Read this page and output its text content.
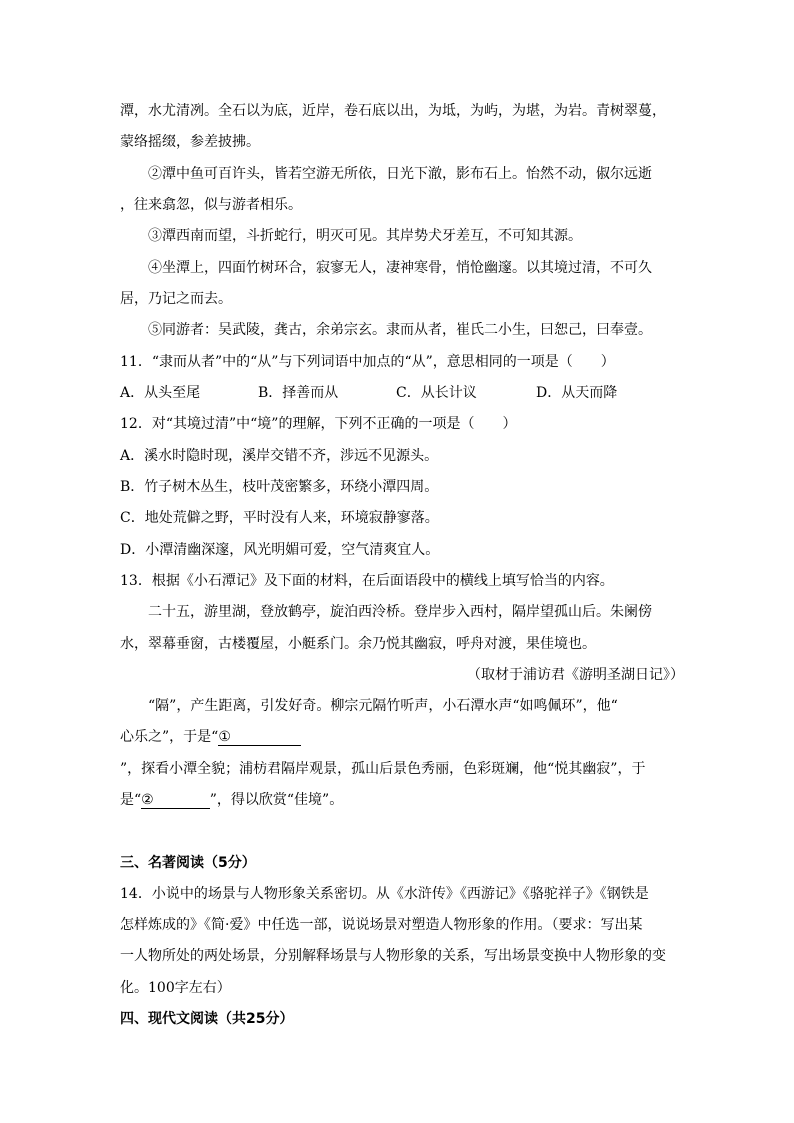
潭，水尤清冽。全石以为底，近岸，卷石底以出，为坻，为屿，为堪，为岩。青树翠蔓，
蒙络摇缀，参差披拂。
②潭中鱼可百许头，皆若空游无所依，日光下澈，影布石上。怡然不动，俶尔远逝
，往来翕忽，似与游者相乐。
③潭西南而望，斗折蛇行，明灭可见。其岸势犬牙差互，不可知其源。
④坐潭上，四面竹树环合，寂寥无人，凄神寒骨，悄怆幽邃。以其境过清，不可久
居，乃记之而去。
⑤同游者：吴武陵，龚古，余弟宗玄。隶而从者，崔氏二小生，曰恕己，曰奉壹。
11．“隶而从者”中的“从”与下列词语中加点的“从”，意思相同的一项是（　　）
A．从头至尾	B．择善而从	C．从长计议	D．从天而降
12．对“其境过清”中“境”的理解，下列不正确的一项是（　　）
A．溪水时隐时现，溪岸交错不齐，涉远不见源头。
B．竹子树木丛生，枝叶茂密繁多，环绕小潭四周。
C．地处荒僻之野，平时没有人来，环境寂静寥落。
D．小潭清幽深邃，风光明媚可爱，空气清爽宜人。
13．根据《小石潭记》及下面的材料，在后面语段中的横线上填写恰当的内容。
二十五，游里湖，登放鹤亭，旋泊西泠桥。登岸步入西村，隔岸望孤山后。朱阑傍
水，翠幕垂窗，古楼覆屋，小艇系门。余乃悦其幽寂，呼舟对渡，果佳境也。
（取材于浦访君《游明圣湖日记》）
“隔”，产生距离，引发好奇。柳宗元隔竹听声，小石潭水声“如鸣佩环”，他“
心乐之”，于是“①　　　　　
”，探看小潭全貌；浦枋君隔岸观景，孤山后景色秀丽，色彩斑斓，他“悦其幽寂”，于
是“②　　　　”，得以欣赏“佳境”。
三、名著阅读（5分）
14．小说中的场景与人物形象关系密切。从《水浒传》《西游记》《骆驼祥子》《钢铁是
怎样炼成的》《简·爱》中任选一部，说说场景对塑造人物形象的作用。（要求：写出某
一人物所处的两处场景，分别解释场景与人物形象的关系，写出场景变换中人物形象的变
化。100字左右）
四、现代文阅读（共25分）
